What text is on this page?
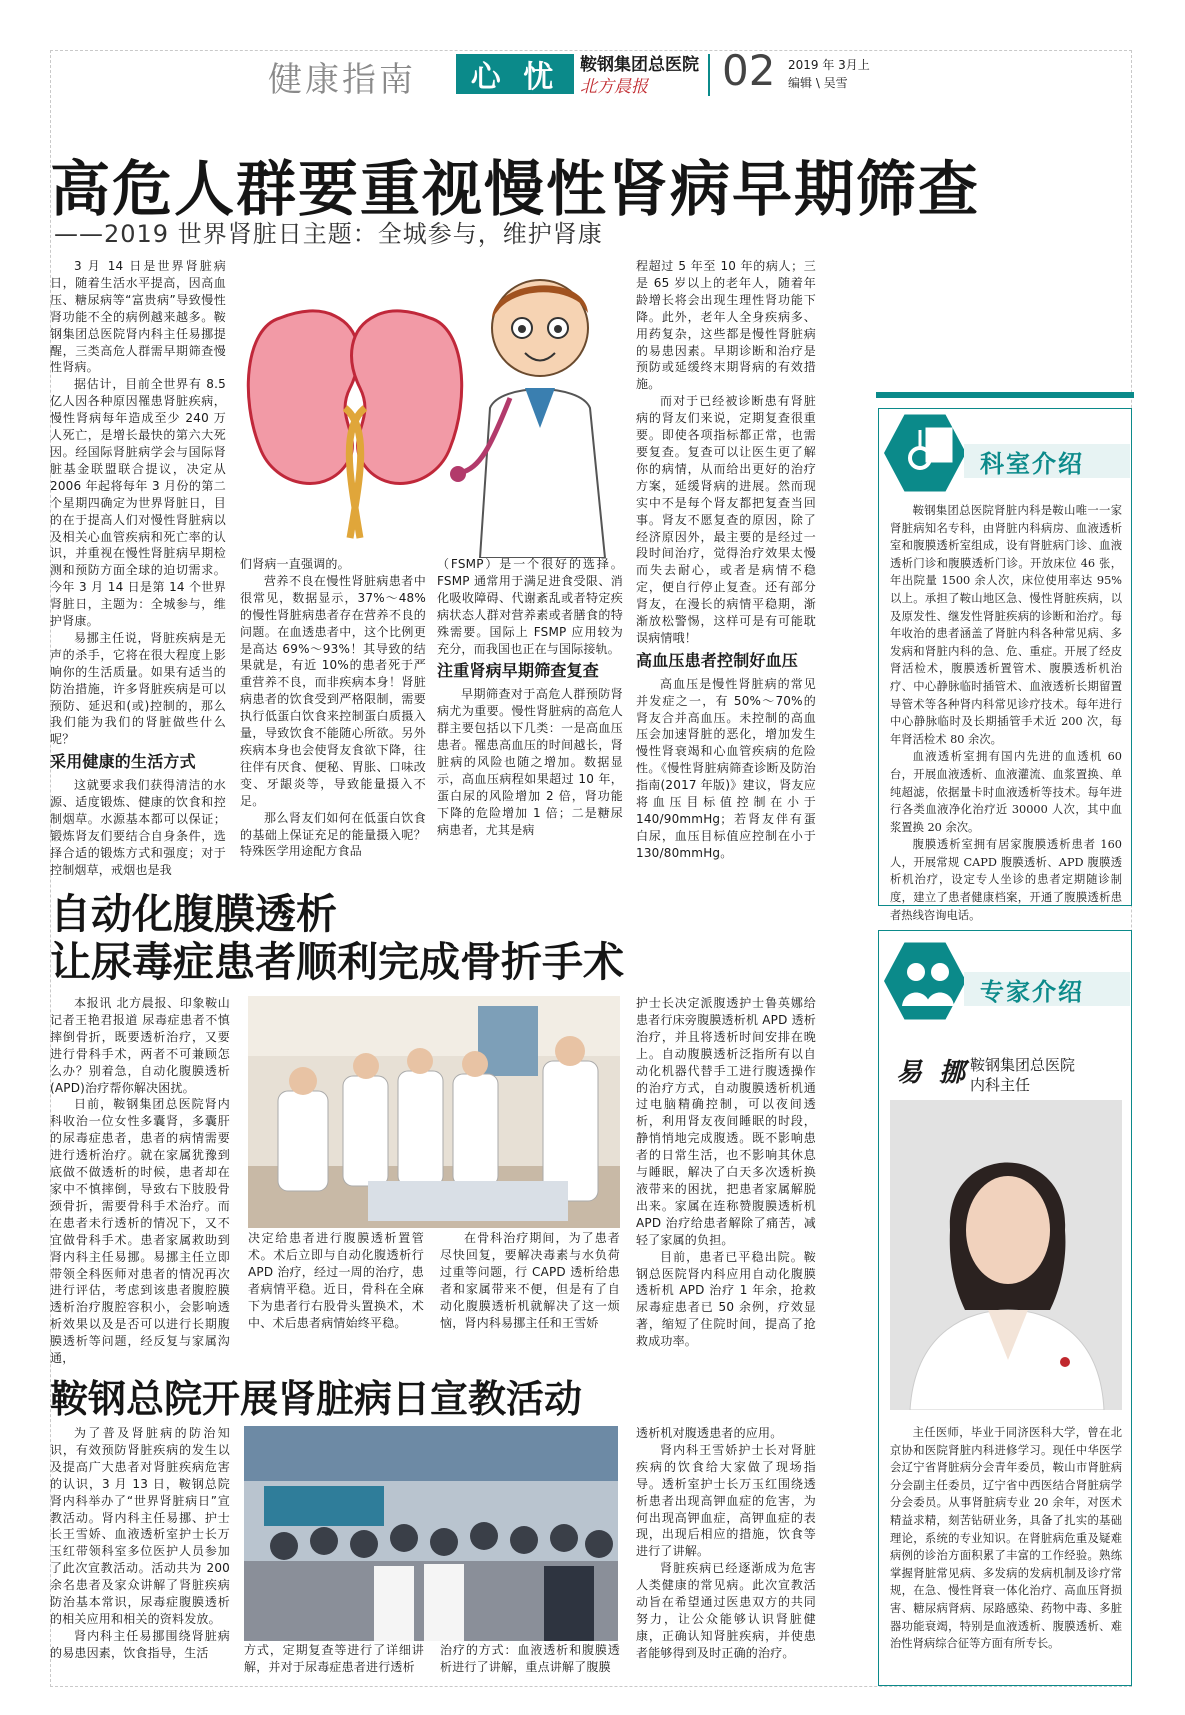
健康指南	心 忧	鞍钢集团总医院
北方晨报 02 2019 年 3月上
编辑 \ 吴雪
高危人群要重视慢性肾病早期筛查
——2019 世界肾脏日主题：全城参与，维护肾康

3 月 14 日是世界肾脏病日，随着生活水平提高，因高血压、糖尿病等“富贵病”导致慢性肾功能不全的病例越来越多。鞍钢集团总医院肾内科主任易挪提醒，三类高危人群需早期筛查慢性肾病。

据估计，目前全世界有 8.5 亿人因各种原因罹患肾脏疾病，慢性肾病每年造成至少 240 万人死亡，是增长最快的第六大死因。经国际肾脏病学会与国际肾脏基金联盟联合提议，决定从 2006 年起将每年 3 月份的第二个星期四确定为世界肾脏日，目的在于提高人们对慢性肾脏病以及相关心血管疾病和死亡率的认识，并重视在慢性肾脏病早期检测和预防方面全球的迫切需求。今年 3 月 14 日是第 14 个世界肾脏日，主题为：全城参与，维护肾康。

易挪主任说，肾脏疾病是无声的杀手，它将在很大程度上影响你的生活质量。如果有适当的防治措施，许多肾脏疾病是可以预防、延迟和(或)控制的，那么我们能为我们的肾脏做些什么呢？

采用健康的生活方式

这就要求我们获得清洁的水源、适度锻炼、健康的饮食和控制烟草。水源基本都可以保证；锻炼肾友们要结合自身条件，选择合适的锻炼方式和强度；对于控制烟草，戒烟也是我

们肾病一直强调的。

营养不良在慢性肾脏病患者中很常见，数据显示，37%～48%的慢性肾脏病患者存在营养不良的问题。在血透患者中，这个比例更是高达 69%～93%！其导致的结果就是，有近 10%的患者死于严重营养不良，而非疾病本身！肾脏病患者的饮食受到严格限制，需要执行低蛋白饮食来控制蛋白质摄入量，导致饮食不能随心所欲。另外疾病本身也会使肾友食欲下降，往往伴有厌食、便秘、胃胀、口味改变、牙龈炎等，导致能量摄入不足。

那么肾友们如何在低蛋白饮食的基础上保证充足的能量摄入呢？特殊医学用途配方食品

（FSMP）是一个很好的选择。FSMP 通常用于满足进食受限、消化吸收障碍、代谢紊乱或者特定疾病状态人群对营养素或者膳食的特殊需要。国际上 FSMP 应用较为充分，而我国也正在与国际接轨。

注重肾病早期筛查复查

早期筛查对于高危人群预防肾病尤为重要。慢性肾脏病的高危人群主要包括以下几类：一是高血压患者。罹患高血压的时间越长，肾脏病的风险也随之增加。数据显示，高血压病程如果超过 10 年，蛋白尿的风险增加 2 倍，肾功能下降的危险增加 1 倍；二是糖尿病患者，尤其是病

程超过 5 年至 10 年的病人；三是 65 岁以上的老年人，随着年龄增长将会出现生理性肾功能下降。此外，老年人全身疾病多、用药复杂，这些都是慢性肾脏病的易患因素。早期诊断和治疗是预防或延缓终末期肾病的有效措施。

而对于已经被诊断患有肾脏病的肾友们来说，定期复查很重要。即使各项指标都正常，也需要复查。复查可以让医生更了解你的病情，从而给出更好的治疗方案，延缓肾病的进展。然而现实中不是每个肾友都把复查当回事。肾友不愿复查的原因，除了经济原因外，最主要的是经过一段时间治疗，觉得治疗效果太慢而失去耐心，或者是病情不稳定，便自行停止复查。还有部分肾友，在漫长的病情平稳期，渐渐放松警惕，这样可是有可能耽误病情哦！

高血压患者控制好血压

高血压是慢性肾脏病的常见并发症之一，有 50%～70%的肾友合并高血压。未控制的高血压会加速肾脏的恶化，增加发生慢性肾衰竭和心血管疾病的危险性。《慢性肾脏病筛查诊断及防治指南(2017 年版)》建议，肾友应将血压目标值控制在小于 140/90mmHg；若肾友伴有蛋白尿，血压目标值应控制在小于 130/80mmHg。

自动化腹膜透析
让尿毒症患者顺利完成骨折手术

本报讯 北方晨报、印象鞍山记者王艳君报道 尿毒症患者不慎摔倒骨折，既要透析治疗，又要进行骨科手术，两者不可兼顾怎么办？别着急，自动化腹膜透析(APD)治疗帮你解决困扰。

日前，鞍钢集团总医院肾内科收治一位女性多囊肾，多囊肝的尿毒症患者，患者的病情需要进行透析治疗。就在家属犹豫到底做不做透析的时候，患者却在家中不慎摔倒，导致右下肢股骨颈骨折，需要骨科手术治疗。而在患者未行透析的情况下，又不宜做骨科手术。患者家属救助到肾内科主任易挪。易挪主任立即带领全科医师对患者的情况再次进行评估，考虑到该患者腹腔膜透析治疗腹腔容积小，会影响透析效果以及是否可以进行长期腹膜透析等问题，经反复与家属沟通，

决定给患者进行腹膜透析置管术。术后立即与自动化腹透析行 APD 治疗，经过一周的治疗，患者病情平稳。近日，骨科在全麻下为患者行右股骨头置换术，术中、术后患者病情始终平稳。

在骨科治疗期间，为了患者尽快回复，要解决毒素与水负荷过重等问题，行 CAPD 透析给患者和家属带来不便，但是有了自动化腹膜透析机就解决了这一烦恼，肾内科易挪主任和王雪娇

护士长决定派腹透护士鲁英娜给患者行床旁腹膜透析机 APD 透析治疗，并且将透析时间安排在晚上。自动腹膜透析泛指所有以自动化机器代替手工进行腹透操作的治疗方式，自动腹膜透析机通过电脑精确控制，可以夜间透析，利用肾友夜间睡眠的时段，静悄悄地完成腹透。既不影响患者的日常生活，也不影响其休息与睡眠，解决了白天多次透析换液带来的困扰，把患者家属解脱出来。家属在连称赞腹膜透析机 APD 治疗给患者解除了痛苦，减轻了家属的负担。

目前，患者已平稳出院。鞍钢总医院肾内科应用自动化腹膜透析机 APD 治疗 1 年余，抢救尿毒症患者已 50 余例，疗效显著，缩短了住院时间，提高了抢救成功率。

鞍钢总院开展肾脏病日宣教活动

为了普及肾脏病的防治知识，有效预防肾脏疾病的发生以及提高广大患者对肾脏疾病危害的认识，3 月 13 日，鞍钢总院肾内科举办了“世界肾脏病日”宣教活动。肾内科主任易挪、护士长王雪娇、血液透析室护士长万玉红带领科室多位医护人员参加了此次宣教活动。活动共为 200 余名患者及家众讲解了肾脏疾病防治基本常识，尿毒症腹膜透析的相关应用和相关的资料发放。

肾内科主任易挪围绕肾脏病的易患因素，饮食指导，生活	方式，定期复查等进行了详细讲解，并对于尿毒症患者进行透析

治疗的方式：血液透析和腹膜透析进行了讲解，重点讲解了腹膜

透析机对腹透患者的应用。

肾内科王雪娇护士长对肾脏疾病的饮食给大家做了现场指导。透析室护士长万玉红围绕透析患者出现高钾血症的危害，为何出现高钾血症，高钾血症的表现，出现后相应的措施，饮食等进行了讲解。

肾脏疾病已经逐渐成为危害人类健康的常见病。此次宣教活动旨在希望通过医患双方的共同努力，让公众能够认识肾脏健康，正确认知肾脏疾病，并使患者能够得到及时正确的治疗。

科室介绍

鞍钢集团总医院肾脏内科是鞍山唯一一家肾脏病知名专科，由肾脏内科病房、血液透析室和腹膜透析室组成，设有肾脏病门诊、血液透析门诊和腹膜透析门诊。开放床位 46 张，年出院量 1500 余人次，床位使用率达 95%以上。承担了鞍山地区急、慢性肾脏疾病，以及原发性、继发性肾脏疾病的诊断和治疗。每年收治的患者涵盖了肾脏内科各种常见病、多发病和肾脏内科的急、危、重症。开展了经皮肾活检术，腹膜透析置管术、腹膜透析机治疗、中心静脉临时插管术、血液透析长期留置导管术等各种肾内科常见诊疗技术。每年进行中心静脉临时及长期插管手术近 200 次，每年肾活检术 80 余次。

血液透析室拥有国内先进的血透机 60 台，开展血液透析、血液灌流、血浆置换、单纯超滤，依据量卡时血液透析等技术。每年进行各类血液净化治疗近 30000 人次，其中血浆置换 20 余次。

腹膜透析室拥有居家腹膜透析患者 160 人，开展常规 CAPD 腹膜透析、APD 腹膜透析机治疗，设定专人坐诊的患者定期随诊制度，建立了患者健康档案，开通了腹膜透析患者热线咨询电话。

专家介绍
易 挪 鞍钢集团总医院
内科主任

主任医师，毕业于同济医科大学，曾在北京协和医院肾脏内科进修学习。现任中华医学会辽宁省肾脏病分会青年委员，鞍山市肾脏病分会副主任委员，辽宁省中西医结合肾脏病学分会委员。从事肾脏病专业 20 余年，对医术精益求精，刻苦钻研业务，具备了扎实的基础理论，系统的专业知识。在肾脏病危重及疑难病例的诊治方面积累了丰富的工作经验。熟练掌握肾脏常见病、多发病的发病机制及诊疗常规，在急、慢性肾衰一体化治疗、高血压肾损害、糖尿病肾病、尿路感染、药物中毒、多脏器功能衰竭，特别是血液透析、腹膜透析、难治性肾病综合征等方面有所专长。
